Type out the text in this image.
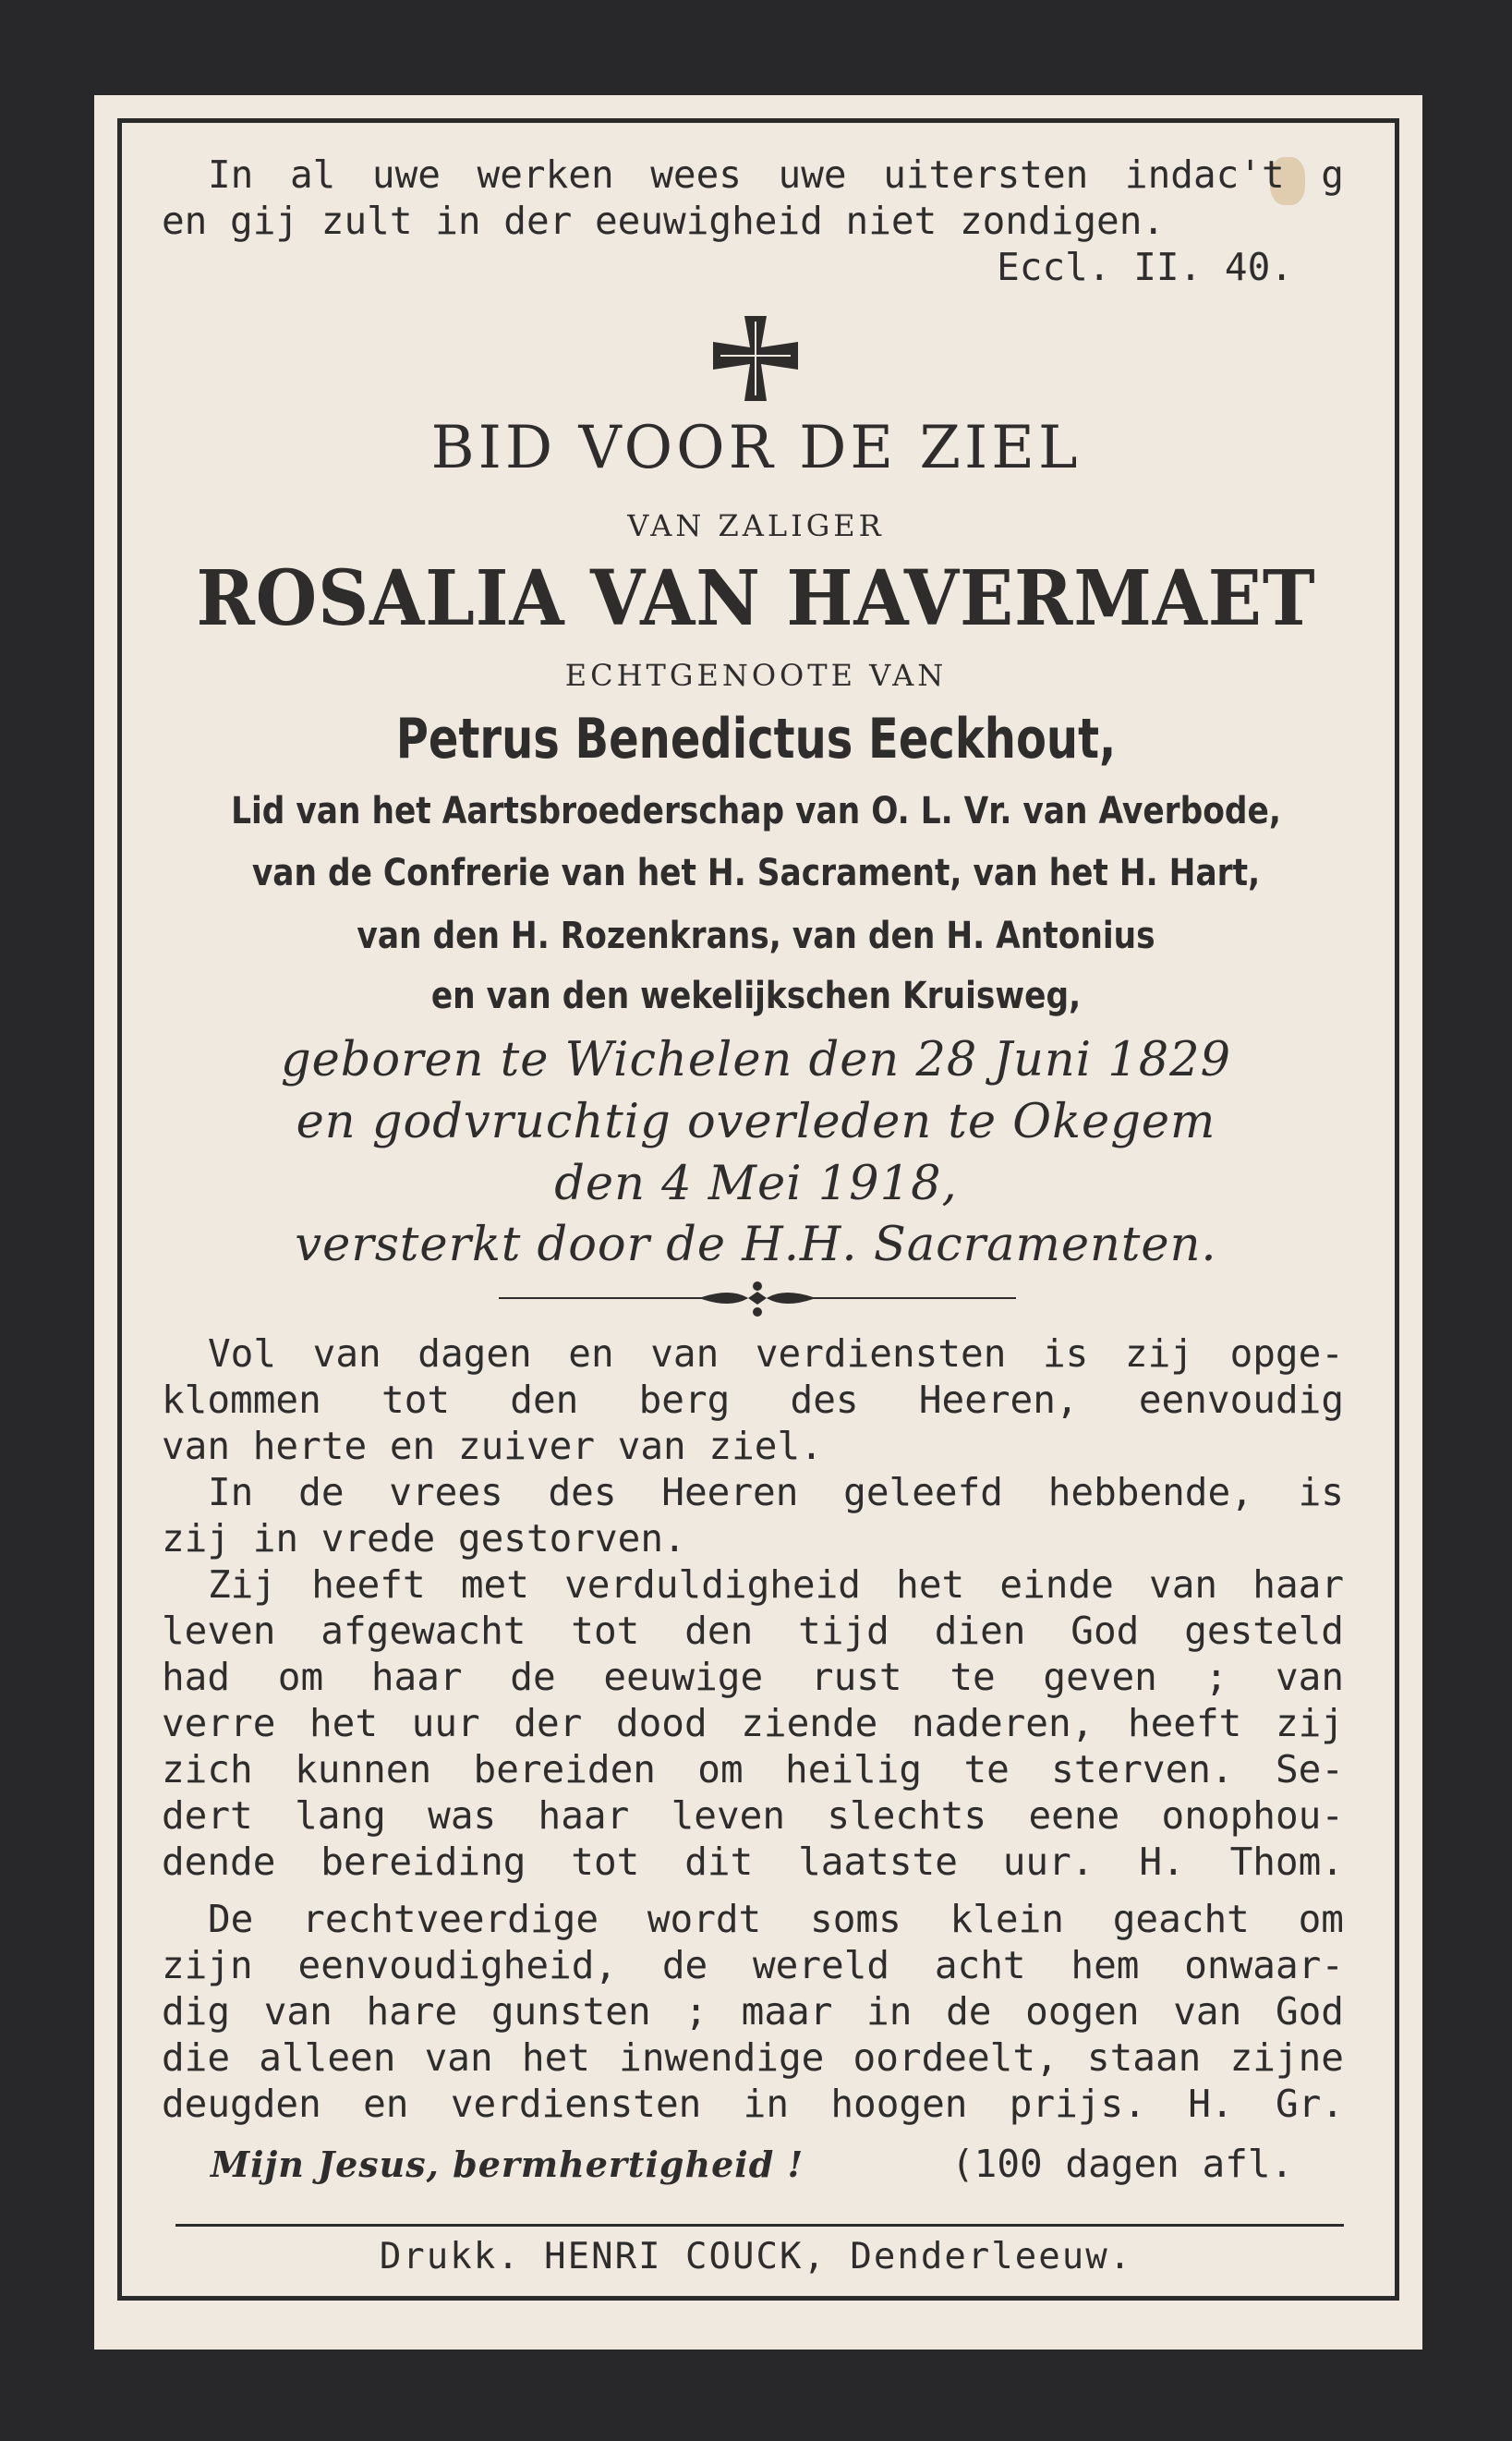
In al uwe werken wees uwe uitersten indac't g
en gij zult in der eeuwigheid niet zondigen.
Eccl. II. 40.
BID VOOR DE ZIEL
VAN ZALIGER
ROSALIA VAN HAVERMAET
ECHTGENOOTE VAN
Petrus Benedictus Eeckhout,
Lid van het Aartsbroederschap van O. L. Vr. van Averbode,
van de Confrerie van het H. Sacrament, van het H. Hart,
van den H. Rozenkrans, van den H. Antonius
en van den wekelijkschen Kruisweg,
geboren te Wichelen den 28 Juni 1829
en godvruchtig overleden te Okegem
den 4 Mei 1918,
versterkt door de H.H. Sacramenten.
Vol van dagen en van verdiensten is zij opge-
klommen tot den berg des Heeren, eenvoudig
van herte en zuiver van ziel.
In de vrees des Heeren geleefd hebbende, is
zij in vrede gestorven.
Zij heeft met verduldigheid het einde van haar
leven afgewacht tot den tijd dien God gesteld
had om haar de eeuwige rust te geven ; van
verre het uur der dood ziende naderen, heeft zij
zich kunnen bereiden om heilig te sterven. Se-
dert lang was haar leven slechts eene onophou-
dende bereiding tot dit laatste uur. H. Thom.
De rechtveerdige wordt soms klein geacht om
zijn eenvoudigheid, de wereld acht hem onwaar-
dig van hare gunsten ; maar in de oogen van God
die alleen van het inwendige oordeelt, staan zijne
deugden en verdiensten in hoogen prijs. H. Gr.
Mijn Jesus, bermhertigheid !	(100 dagen afl.
Drukk. HENRI COUCK, Denderleeuw.
